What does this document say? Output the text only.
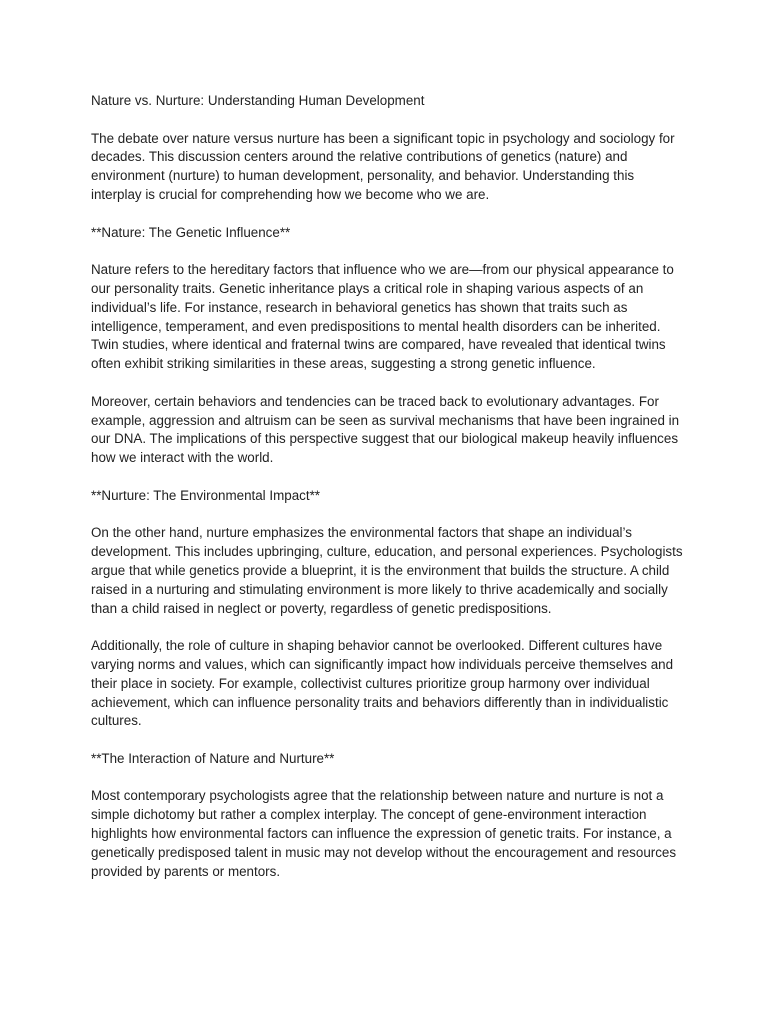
Nature vs. Nurture: Understanding Human Development

The debate over nature versus nurture has been a significant topic in psychology and sociology for decades. This discussion centers around the relative contributions of genetics (nature) and environment (nurture) to human development, personality, and behavior. Understanding this interplay is crucial for comprehending how we become who we are.

**Nature: The Genetic Influence**

Nature refers to the hereditary factors that influence who we are—from our physical appearance to our personality traits. Genetic inheritance plays a critical role in shaping various aspects of an individual’s life. For instance, research in behavioral genetics has shown that traits such as intelligence, temperament, and even predispositions to mental health disorders can be inherited. Twin studies, where identical and fraternal twins are compared, have revealed that identical twins often exhibit striking similarities in these areas, suggesting a strong genetic influence.

Moreover, certain behaviors and tendencies can be traced back to evolutionary advantages. For example, aggression and altruism can be seen as survival mechanisms that have been ingrained in our DNA. The implications of this perspective suggest that our biological makeup heavily influences how we interact with the world.

**Nurture: The Environmental Impact**

On the other hand, nurture emphasizes the environmental factors that shape an individual’s development. This includes upbringing, culture, education, and personal experiences. Psychologists argue that while genetics provide a blueprint, it is the environment that builds the structure. A child raised in a nurturing and stimulating environment is more likely to thrive academically and socially than a child raised in neglect or poverty, regardless of genetic predispositions.

Additionally, the role of culture in shaping behavior cannot be overlooked. Different cultures have varying norms and values, which can significantly impact how individuals perceive themselves and their place in society. For example, collectivist cultures prioritize group harmony over individual achievement, which can influence personality traits and behaviors differently than in individualistic cultures.

**The Interaction of Nature and Nurture**

Most contemporary psychologists agree that the relationship between nature and nurture is not a simple dichotomy but rather a complex interplay. The concept of gene-environment interaction highlights how environmental factors can influence the expression of genetic traits. For instance, a genetically predisposed talent in music may not develop without the encouragement and resources provided by parents or mentors.
